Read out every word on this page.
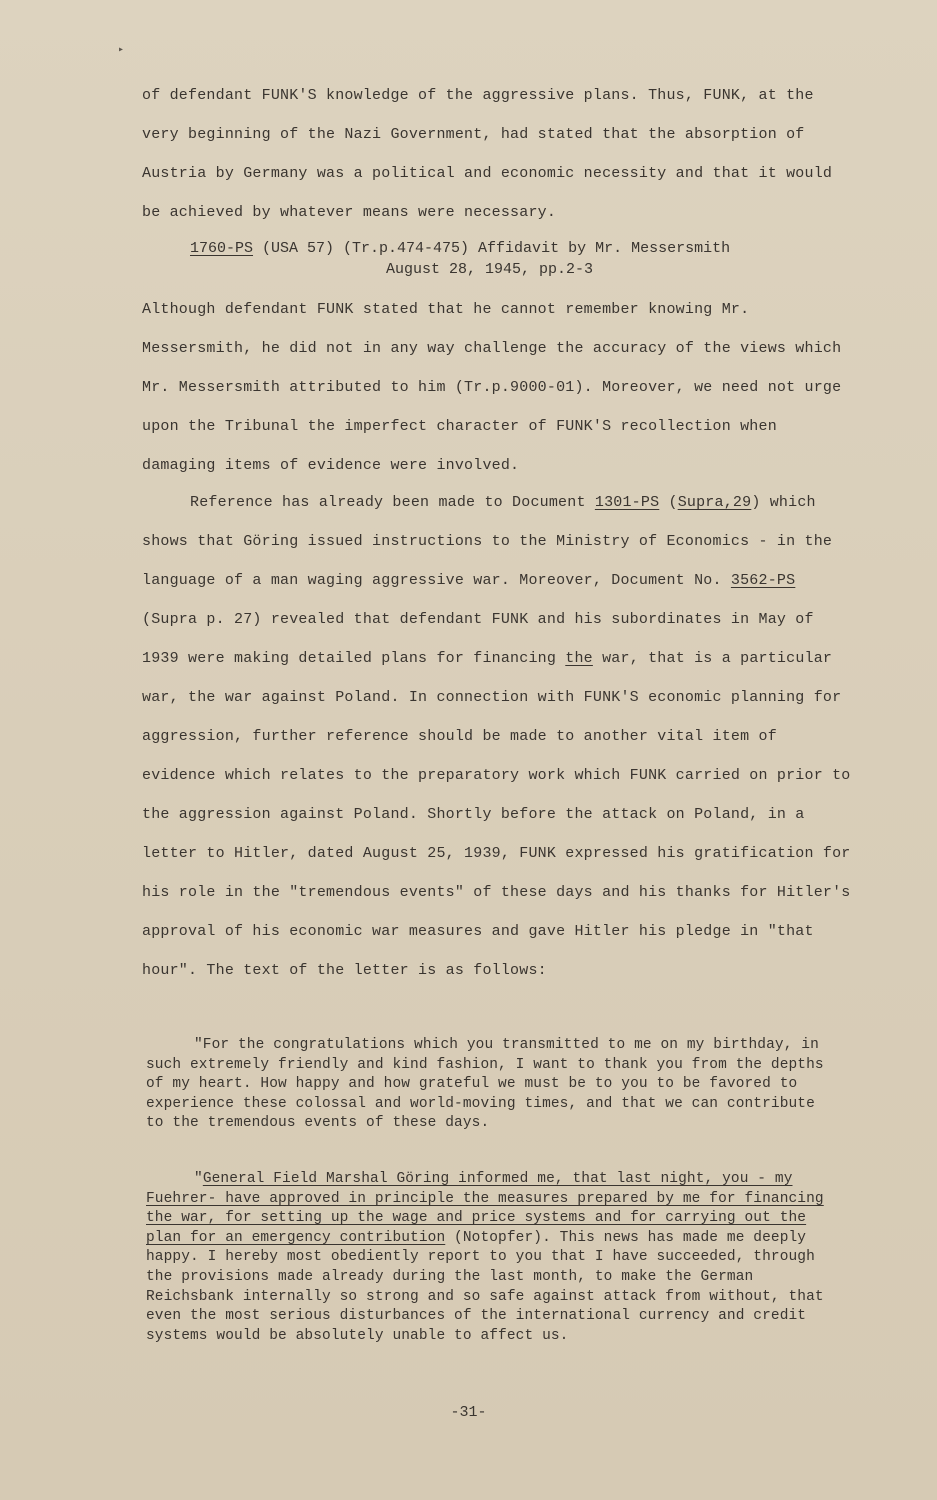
▸

of defendant FUNK'S knowledge of the aggressive plans. Thus, FUNK, at the very beginning of the Nazi Government, had stated that the absorption of Austria by Germany was a political and economic necessity and that it would be achieved by whatever means were necessary.

1760-PS (USA 57) (Tr.p.474-475) Affidavit by Mr. Messersmith
August 28, 1945, pp.2-3

Although defendant FUNK stated that he cannot remember knowing Mr. Messersmith, he did not in any way challenge the accuracy of the views which Mr. Messersmith attributed to him (Tr.p.9000-01). Moreover, we need not urge upon the Tribunal the imperfect character of FUNK'S recollection when damaging items of evidence were involved.

Reference has already been made to Document 1301-PS (Supra,29) which shows that Göring issued instructions to the Ministry of Economics - in the language of a man waging aggressive war. Moreover, Document No. 3562-PS (Supra p. 27) revealed that defendant FUNK and his subordinates in May of 1939 were making detailed plans for financing the war, that is a particular war, the war against Poland. In connection with FUNK'S economic planning for aggression, further reference should be made to another vital item of evidence which relates to the preparatory work which FUNK carried on prior to the aggression against Poland. Shortly before the attack on Poland, in a letter to Hitler, dated August 25, 1939, FUNK expressed his gratification for his role in the "tremendous events" of these days and his thanks for Hitler's approval of his economic war measures and gave Hitler his pledge in "that hour". The text of the letter is as follows:

"For the congratulations which you transmitted to me on my birthday, in such extremely friendly and kind fashion, I want to thank you from the depths of my heart. How happy and how grateful we must be to you to be favored to experience these colossal and world-moving times, and that we can contribute to the tremendous events of these days.

"General Field Marshal Göring informed me, that last night, you - my Fuehrer- have approved in principle the measures prepared by me for financing the war, for setting up the wage and price systems and for carrying out the plan for an emergency contribution (Notopfer). This news has made me deeply happy. I hereby most obediently report to you that I have succeeded, through the provisions made already during the last month, to make the German Reichsbank internally so strong and so safe against attack from without, that even the most serious disturbances of the international currency and credit systems would be absolutely unable to affect us.

-31-
